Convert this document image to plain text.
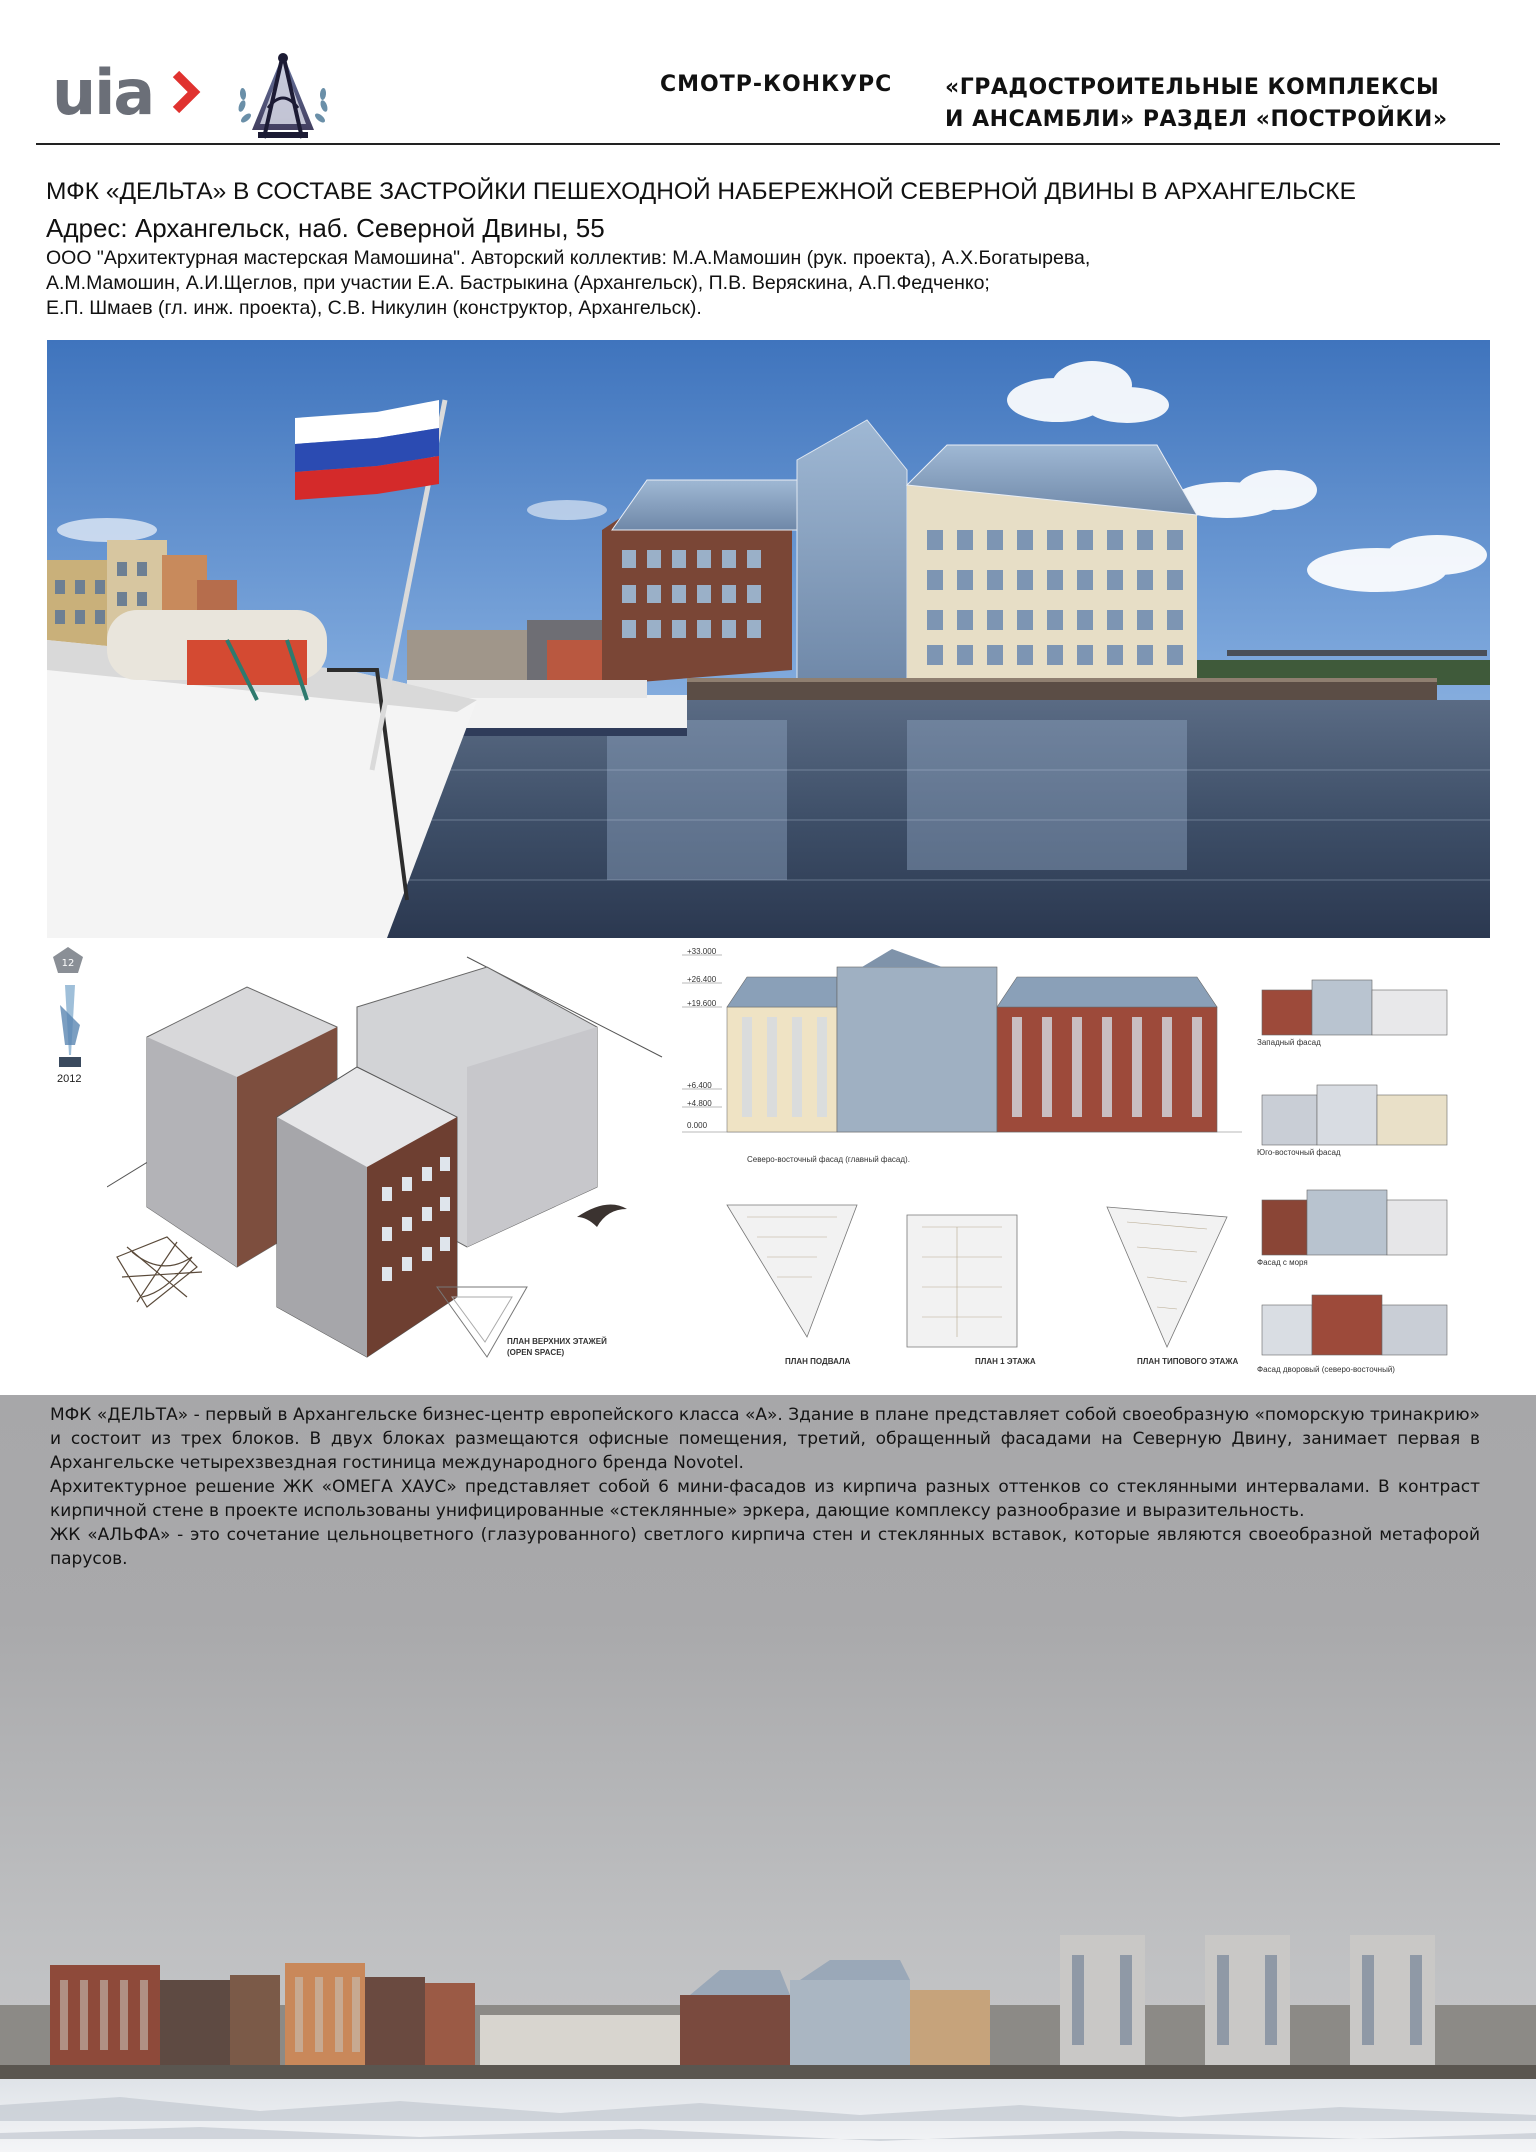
uia	СМОТР-КОНКУРС «ГРАДОСТРОИТЕЛЬНЫЕ КОМПЛЕКСЫ
И АНСАМБЛИ» РАЗДЕЛ «ПОСТРОЙКИ»
МФК «ДЕЛЬТА» В СОСТАВЕ ЗАСТРОЙКИ ПЕШЕХОДНОЙ НАБЕРЕЖНОЙ СЕВЕРНОЙ ДВИНЫ В АРХАНГЕЛЬСКЕ
Адрес: Архангельск, наб. Северной Двины, 55
ООО "Архитектурная мастерская Мамошина". Авторский коллектив: М.А.Мамошин (рук. проекта), А.Х.Богатырева,
А.М.Мамошин, А.И.Щеглов, при участии Е.А. Бастрыкина (Архангельск), П.В. Веряскина, А.П.Федченко;
Е.П. Шмаев (гл. инж. проекта), С.В. Никулин (конструктор, Архангельск).
12
2012
ПЛАН ВЕРХНИХ ЭТАЖЕЙ
(OPEN SPACE)
+33.000
+26.400
+19.600
+6.400
+4.800
0.000
Северо-восточный фасад (главный фасад).
ПЛАН ПОДВАЛА	ПЛАН 1 ЭТАЖА	ПЛАН ТИПОВОГО ЭТАЖА
Западный фасад
Юго-восточный фасад
Фасад с моря
Фасад дворовый (северо-восточный)

МФК «ДЕЛЬТА» - первый в Архангельске бизнес-центр европейского класса «А». Здание в плане представляет собой своеобразную «поморскую тринакрию» и состоит из трех блоков. В двух блоках размещаются офисные помещения, третий, обращенный фасадами на Северную Двину, занимает первая в Архангельске четырехзвездная гостиница международного бренда Novotel.

Архитектурное решение ЖК «ОМЕГА ХАУС» представляет собой 6 мини-фасадов из кирпича разных оттенков со стеклянными интервалами. В контраст кирпичной стене в проекте использованы унифицированные «стеклянные» эркера, дающие комплексу разнообразие и выразительность.

ЖК «АЛЬФА» - это сочетание цельноцветного (глазурованного) светлого кирпича стен и стеклянных вставок, которые являются своеобразной метафорой парусов.
